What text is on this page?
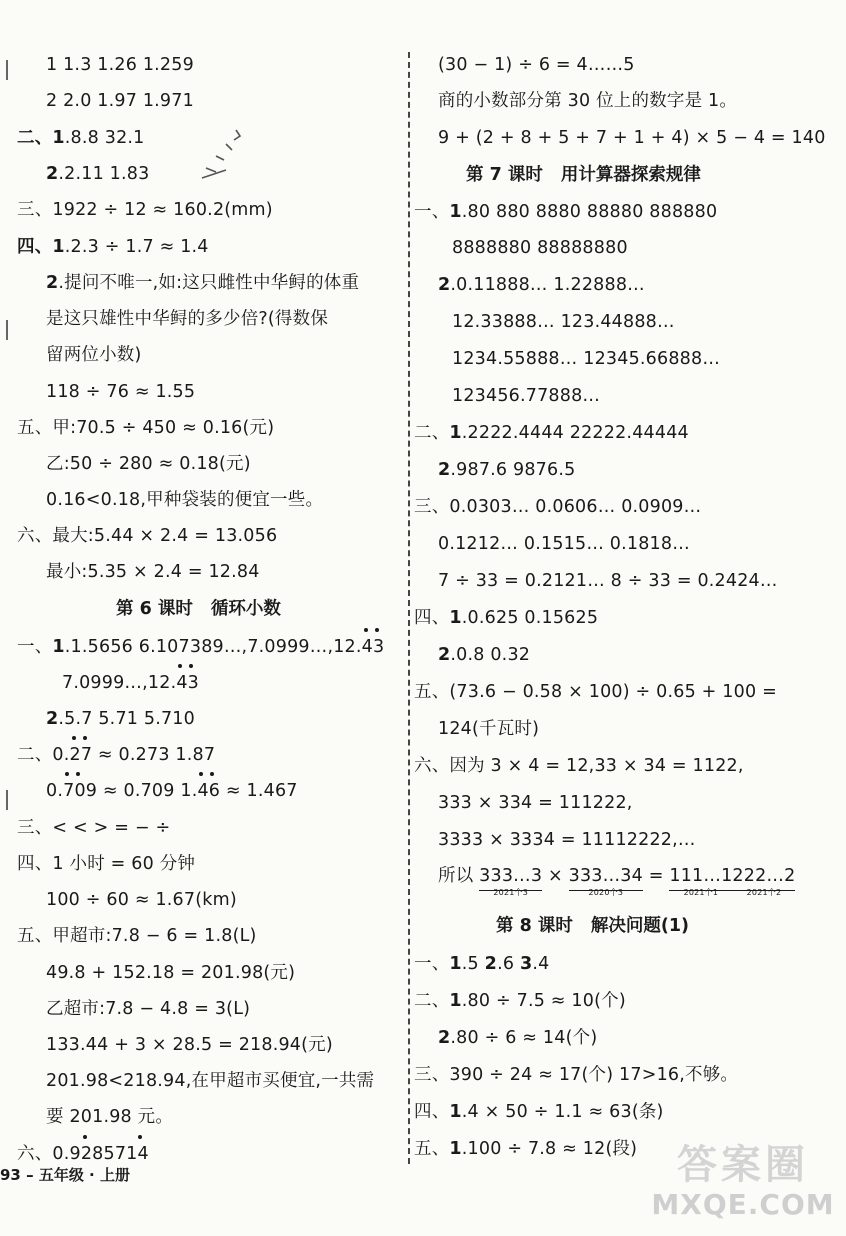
1 1.3 1.26 1.259
2 2.0 1.97 1.971
二、1.8.8 32.1
2.2.11 1.83
三、1922 ÷ 12 ≈ 160.2(mm)
四、1.2.3 ÷ 1.7 ≈ 1.4
2.提问不唯一,如:这只雌性中华鲟的体重
是这只雄性中华鲟的多少倍?(得数保
留两位小数)
118 ÷ 76 ≈ 1.55
五、甲:70.5 ÷ 450 ≈ 0.16(元)
乙:50 ÷ 280 ≈ 0.18(元)
0.16<0.18,甲种袋装的便宜一些。
六、最大:5.44 × 2.4 = 13.056
最小:5.35 × 2.4 = 12.84
第 6 课时 循环小数
一、1.1.5656 6.107389…,7.0999…,12.
43
7.0999…,12.
43
2.5.7 5.71 5.710
二、0.
27 ≈ 0.273 1.87
0.
709 ≈ 0.709 1.
46 ≈ 1.467
三、< < > = − ÷
四、1 小时 = 60 分钟
100 ÷ 60 ≈ 1.67(km)
五、甲超市:7.8 − 6 = 1.8(L)
49.8 + 152.18 = 201.98(元)
乙超市:7.8 − 4.8 = 3(L)
133.44 + 3 × 28.5 = 218.94(元)
201.98<218.94,在甲超市买便宜,一共需
要 201.98 元。
六、0.9
285714
(30 − 1) ÷ 6 = 4……5
商的小数部分第 30 位上的数字是 1。
9 + (2 + 8 + 5 + 7 + 1 + 4) × 5 − 4 = 140
第 7 课时 用计算器探索规律
一、1.80 880 8880 88880 888880
8888880 88888880
2.0.11888… 1.22888…
12.33888… 123.44888…
1234.55888… 12345.66888…
123456.77888…
二、1.2222.4444 22222.44444
2.987.6 9876.5
三、0.0303… 0.0606… 0.0909…
0.1212… 0.1515… 0.1818…
7 ÷ 33 = 0.2121… 8 ÷ 33 = 0.2424…
四、1.0.625 0.15625
2.0.8 0.32
五、(73.6 − 0.58 × 100) ÷ 0.65 + 100 =
124(千瓦时)
六、因为 3 × 4 = 12,33 × 34 = 1122,
333 × 334 = 111222,
3333 × 3334 = 11112222,…
所以 333…3
2021个3
× 333…34
2020个3
= 111…1
2021个1
222…2
2021个2
第 8 课时 解决问题(1)
一、1.5 2.6 3.4
二、1.80 ÷ 7.5 ≈ 10(个)
2.80 ÷ 6 ≈ 14(个)
三、390 ÷ 24 ≈ 17(个) 17>16,不够。
四、1.4 × 50 ÷ 1.1 ≈ 63(条)
五、1.100 ÷ 7.8 ≈ 12(段)
93 – 五年级 · 上册	答案圈
MXQE.COM
